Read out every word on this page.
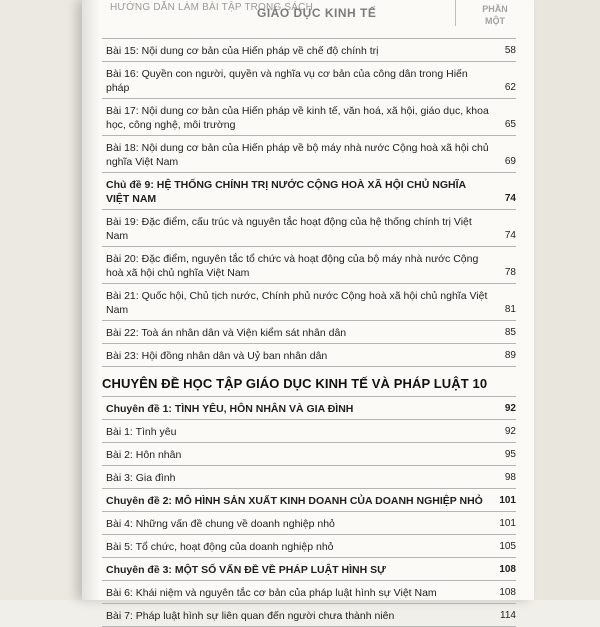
HƯỚNG DẪN LÀM BÀI TẬP TRONG SÁCH
GIÁO DỤC KINH TẾ	PHẦN
MỘT
Bài 15: Nội dung cơ bản của Hiến pháp về chế độ chính trị	58
Bài 16: Quyền con người, quyền và nghĩa vụ cơ bản của công dân trong Hiến pháp	62
Bài 17: Nội dung cơ bản của Hiến pháp về kinh tế, văn hoá, xã hội, giáo dục, khoa học, công nghệ, môi trường	65
Bài 18: Nội dung cơ bản của Hiến pháp về bộ máy nhà nước Cộng hoà xã hội chủ nghĩa Việt Nam	69
Chủ đề 9: HỆ THỐNG CHÍNH TRỊ NƯỚC CỘNG HOÀ XÃ HỘI CHỦ NGHĨA VIỆT NAM	74
Bài 19: Đặc điểm, cấu trúc và nguyên tắc hoạt động của hệ thống chính trị Việt Nam	74
Bài 20: Đặc điểm, nguyên tắc tổ chức và hoạt động của bộ máy nhà nước Cộng hoà xã hội chủ nghĩa Việt Nam	78
Bài 21: Quốc hội, Chủ tịch nước, Chính phủ nước Cộng hoà xã hội chủ nghĩa Việt Nam	81
Bài 22: Toà án nhân dân và Viện kiểm sát nhân dân	85
Bài 23: Hội đồng nhân dân và Uỷ ban nhân dân	89
CHUYÊN ĐỀ HỌC TẬP GIÁO DỤC KINH TẾ VÀ PHÁP LUẬT 10
Chuyên đề 1: TÌNH YÊU, HÔN NHÂN VÀ GIA ĐÌNH	92
Bài 1: Tình yêu	92
Bài 2: Hôn nhân	95
Bài 3: Gia đình	98
Chuyên đề 2: MÔ HÌNH SẢN XUẤT KINH DOANH CỦA DOANH NGHIỆP NHỎ	101
Bài 4: Những vấn đề chung về doanh nghiệp nhỏ	101
Bài 5: Tổ chức, hoạt động của doanh nghiệp nhỏ	105
Chuyên đề 3: MỘT SỐ VẤN ĐỀ VỀ PHÁP LUẬT HÌNH SỰ	108
Bài 6: Khái niệm và nguyên tắc cơ bản của pháp luật hình sự Việt Nam	108
Bài 7: Pháp luật hình sự liên quan đến người chưa thành niên	114
